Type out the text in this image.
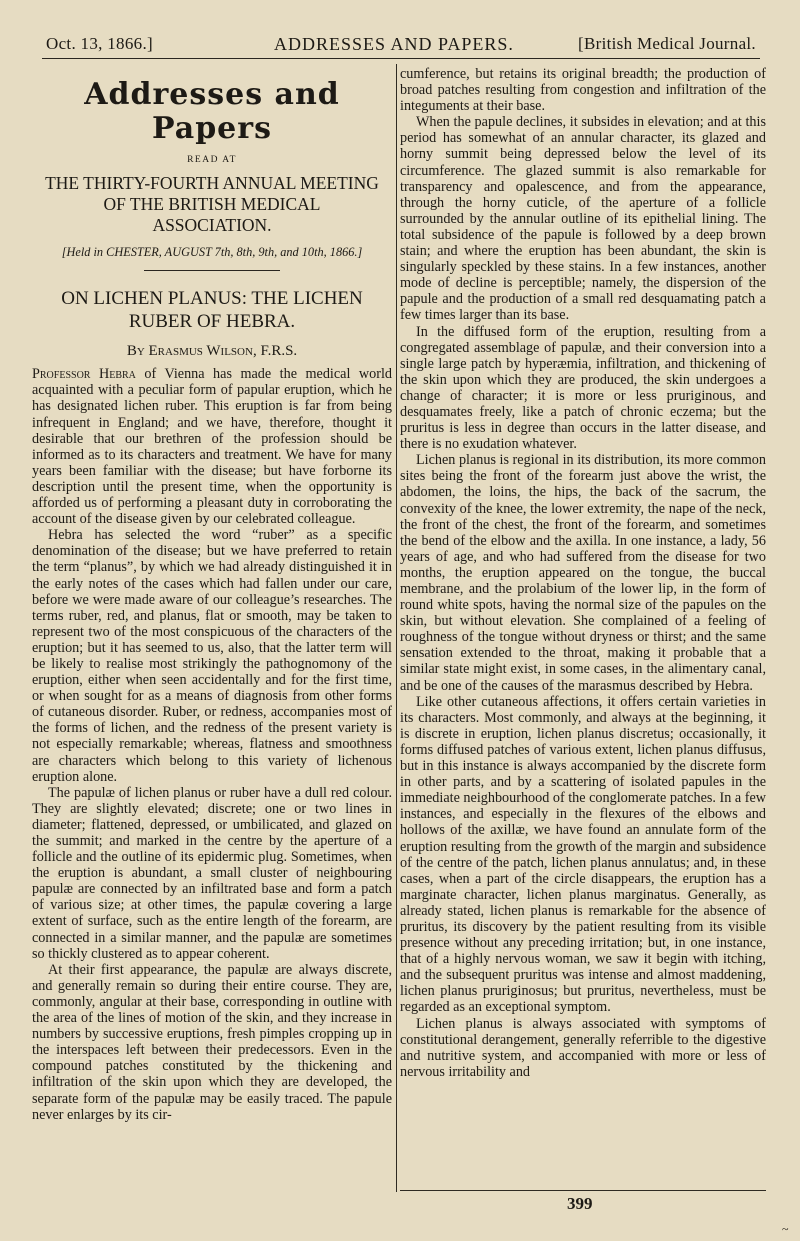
Oct. 13, 1866.]	ADDRESSES AND PAPERS.	[British Medical Journal.
Addresses and Papers
READ AT
THE THIRTY-FOURTH ANNUAL MEETING
OF THE BRITISH MEDICAL
ASSOCIATION.
[Held in CHESTER, AUGUST 7th, 8th, 9th, and 10th, 1866.]
ON LICHEN PLANUS: THE LICHEN
RUBER OF HEBRA.
By Erasmus Wilson, F.R.S.

Professor Hebra of Vienna has made the medical world acquainted with a peculiar form of papular eruption, which he has designated lichen ruber. This eruption is far from being infrequent in England; and we have, therefore, thought it desirable that our brethren of the profession should be informed as to its characters and treatment. We have for many years been familiar with the disease; but have forborne its description until the present time, when the opportunity is afforded us of performing a pleasant duty in corroborating the account of the disease given by our celebrated colleague.

Hebra has selected the word “ruber” as a specific denomination of the disease; but we have preferred to retain the term “planus”, by which we had already distinguished it in the early notes of the cases which had fallen under our care, before we were made aware of our colleague’s researches. The terms ruber, red, and planus, flat or smooth, may be taken to represent two of the most conspicuous of the characters of the eruption; but it has seemed to us, also, that the latter term will be likely to realise most strikingly the pathognomony of the eruption, either when seen accidentally and for the first time, or when sought for as a means of diagnosis from other forms of cutaneous disorder. Ruber, or redness, accompanies most of the forms of lichen, and the redness of the present variety is not especially remarkable; whereas, flatness and smoothness are characters which belong to this variety of lichenous eruption alone.

The papulæ of lichen planus or ruber have a dull red colour. They are slightly elevated; discrete; one or two lines in diameter; flattened, depressed, or umbilicated, and glazed on the summit; and marked in the centre by the aperture of a follicle and the outline of its epidermic plug. Sometimes, when the eruption is abundant, a small cluster of neighbouring papulæ are connected by an infiltrated base and form a patch of various size; at other times, the papulæ covering a large extent of surface, such as the entire length of the forearm, are connected in a similar manner, and the papulæ are sometimes so thickly clustered as to appear coherent.

At their first appearance, the papulæ are always discrete, and generally remain so during their entire course. They are, commonly, angular at their base, corresponding in outline with the area of the lines of motion of the skin, and they increase in numbers by successive eruptions, fresh pimples cropping up in the interspaces left between their predecessors. Even in the compound patches constituted by the thickening and infiltration of the skin upon which they are developed, the separate form of the papulæ may be easily traced. The papule never enlarges by its cir-

cumference, but retains its original breadth; the production of broad patches resulting from congestion and infiltration of the integuments at their base.

When the papule declines, it subsides in elevation; and at this period has somewhat of an annular character, its glazed and horny summit being depressed below the level of its circumference. The glazed summit is also remarkable for transparency and opalescence, and from the appearance, through the horny cuticle, of the aperture of a follicle surrounded by the annular outline of its epithelial lining. The total subsidence of the papule is followed by a deep brown stain; and where the eruption has been abundant, the skin is singularly speckled by these stains. In a few instances, another mode of decline is perceptible; namely, the dispersion of the papule and the production of a small red desquamating patch a few times larger than its base.

In the diffused form of the eruption, resulting from a congregated assemblage of papulæ, and their conversion into a single large patch by hyperæmia, infiltration, and thickening of the skin upon which they are produced, the skin undergoes a change of character; it is more or less pruriginous, and desquamates freely, like a patch of chronic eczema; but the pruritus is less in degree than occurs in the latter disease, and there is no exudation whatever.

Lichen planus is regional in its distribution, its more common sites being the front of the forearm just above the wrist, the abdomen, the loins, the hips, the back of the sacrum, the convexity of the knee, the lower extremity, the nape of the neck, the front of the chest, the front of the forearm, and sometimes the bend of the elbow and the axilla. In one instance, a lady, 56 years of age, and who had suffered from the disease for two months, the eruption appeared on the tongue, the buccal membrane, and the prolabium of the lower lip, in the form of round white spots, having the normal size of the papules on the skin, but without elevation. She complained of a feeling of roughness of the tongue without dryness or thirst; and the same sensation extended to the throat, making it probable that a similar state might exist, in some cases, in the alimentary canal, and be one of the causes of the marasmus described by Hebra.

Like other cutaneous affections, it offers certain varieties in its characters. Most commonly, and always at the beginning, it is discrete in eruption, lichen planus discretus; occasionally, it forms diffused patches of various extent, lichen planus diffusus, but in this instance is always accompanied by the discrete form in other parts, and by a scattering of isolated papules in the immediate neighbourhood of the conglomerate patches. In a few instances, and especially in the flexures of the elbows and hollows of the axillæ, we have found an annulate form of the eruption resulting from the growth of the margin and subsidence of the centre of the patch, lichen planus annulatus; and, in these cases, when a part of the circle disappears, the eruption has a marginate character, lichen planus marginatus. Generally, as already stated, lichen planus is remarkable for the absence of pruritus, its discovery by the patient resulting from its visible presence without any preceding irritation; but, in one instance, that of a highly nervous woman, we saw it begin with itching, and the subsequent pruritus was intense and almost maddening, lichen planus pruriginosus; but pruritus, nevertheless, must be regarded as an exceptional symptom.

Lichen planus is always associated with symptoms of constitutional derangement, generally referrible to the digestive and nutritive system, and accompanied with more or less of nervous irritability and

399
~
